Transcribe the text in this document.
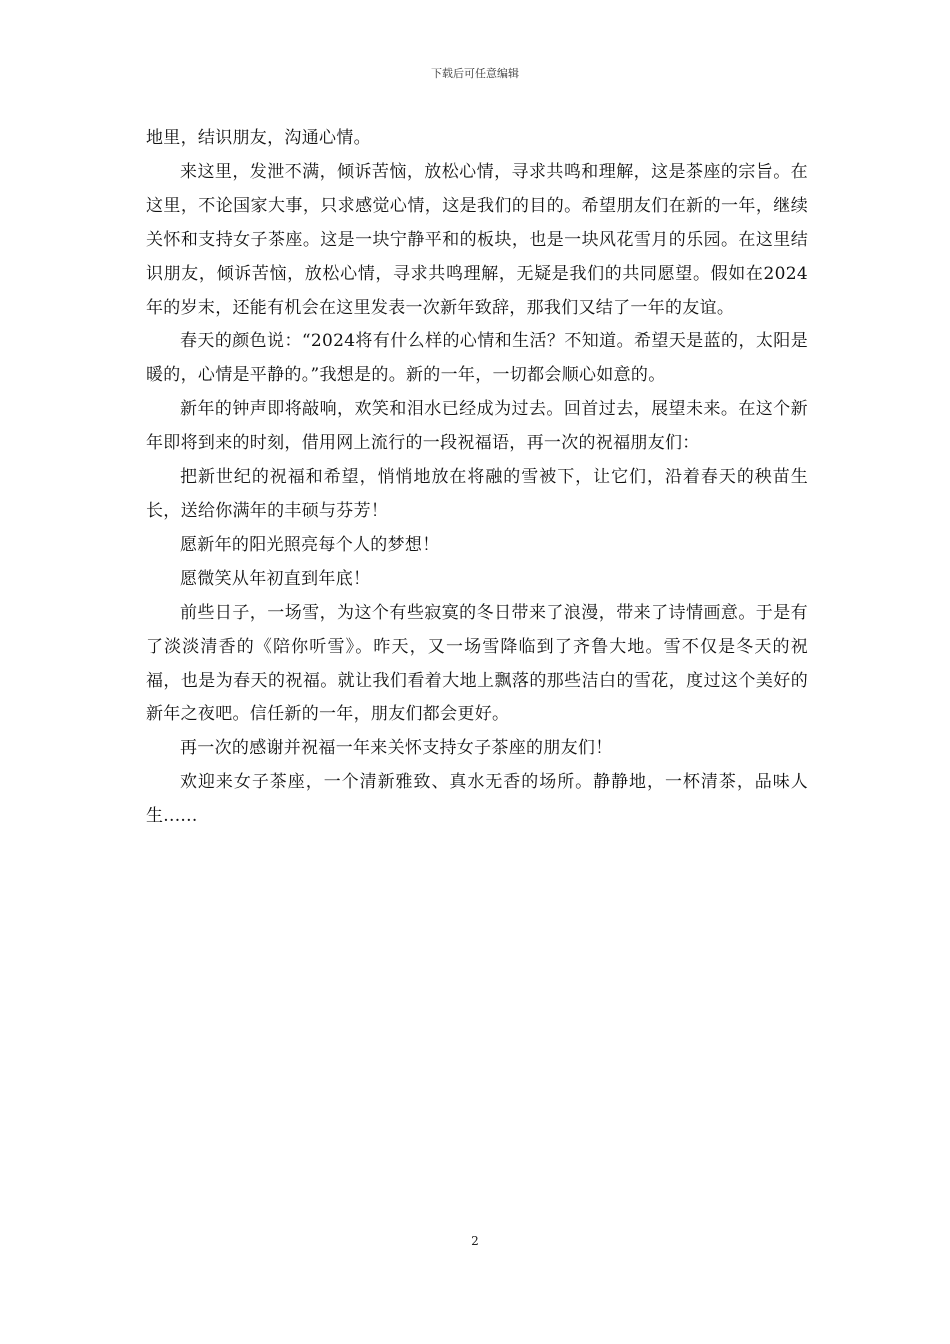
下载后可任意编辑

地里，结识朋友，沟通心情。

来这里，发泄不满，倾诉苦恼，放松心情，寻求共鸣和理解，这是茶座的宗旨。在这里，不论国家大事，只求感觉心情，这是我们的目的。希望朋友们在新的一年，继续关怀和支持女子茶座。这是一块宁静平和的板块，也是一块风花雪月的乐园。在这里结识朋友，倾诉苦恼，放松心情，寻求共鸣理解，无疑是我们的共同愿望。假如在2024年的岁末，还能有机会在这里发表一次新年致辞，那我们又结了一年的友谊。

春天的颜色说：“2024将有什么样的心情和生活？不知道。希望天是蓝的，太阳是暖的，心情是平静的。”我想是的。新的一年，一切都会顺心如意的。

新年的钟声即将敲响，欢笑和泪水已经成为过去。回首过去，展望未来。在这个新年即将到来的时刻，借用网上流行的一段祝福语，再一次的祝福朋友们：

把新世纪的祝福和希望，悄悄地放在将融的雪被下，让它们，沿着春天的秧苗生长，送给你满年的丰硕与芬芳！

愿新年的阳光照亮每个人的梦想！

愿微笑从年初直到年底！

前些日子，一场雪，为这个有些寂寞的冬日带来了浪漫，带来了诗情画意。于是有了淡淡清香的《陪你听雪》。昨天，又一场雪降临到了齐鲁大地。雪不仅是冬天的祝福，也是为春天的祝福。就让我们看着大地上飘落的那些洁白的雪花，度过这个美好的新年之夜吧。信任新的一年，朋友们都会更好。

再一次的感谢并祝福一年来关怀支持女子茶座的朋友们！

欢迎来女子茶座，一个清新雅致、真水无香的场所。静静地，一杯清茶，品味人生......

2
